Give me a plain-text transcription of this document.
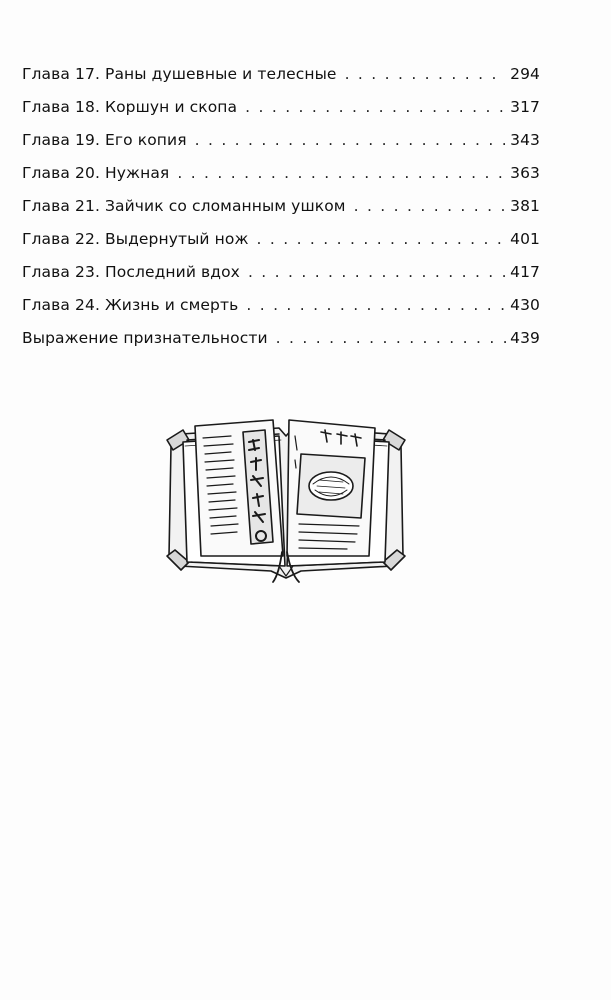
Глава 17. Раны душевные и телесные . . .	294
Глава 18. Коршун и скопа . . .	317
Глава 19. Его копия . . .	343
Глава 20. Нужная . . .	363
Глава 21. Зайчик со сломанным ушком . . .	381
Глава 22. Выдернутый нож . . .	401
Глава 23. Последний вдох . . .	417
Глава 24. Жизнь и смерть . . .	430
Выражение признательности . . .	439
